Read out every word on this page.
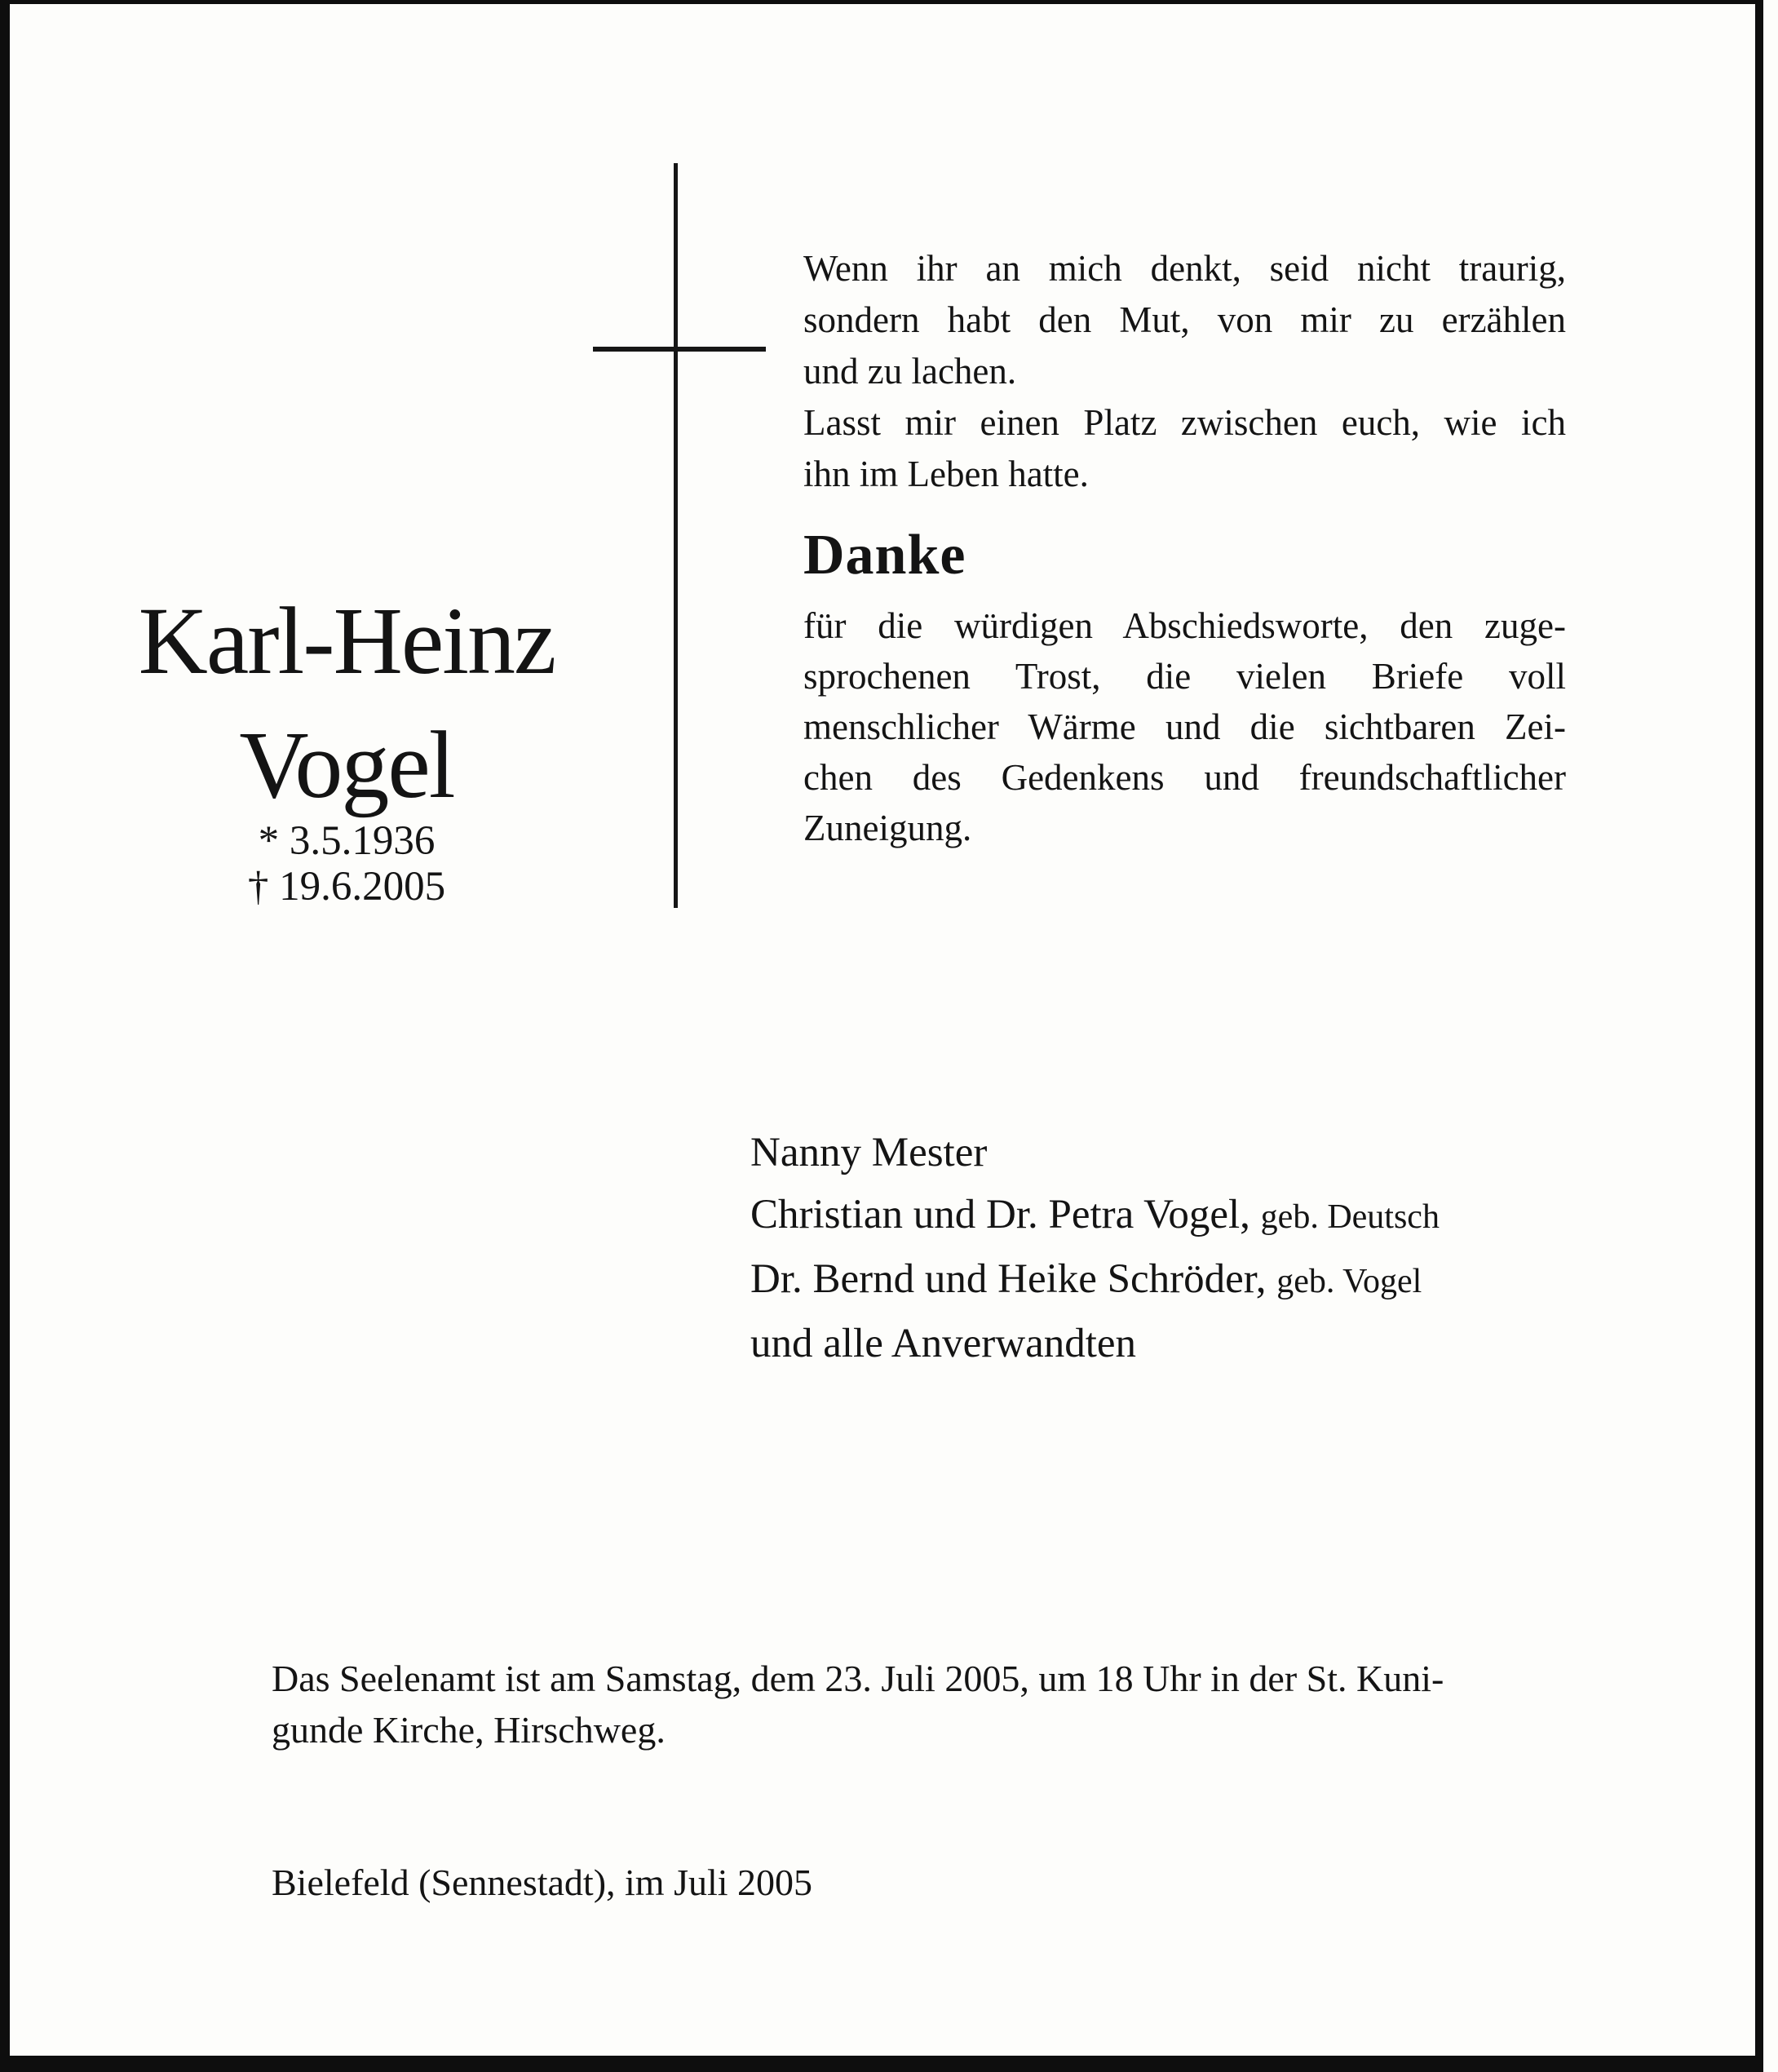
Wenn ihr an mich denkt, seid nicht traurig,
sondern habt den Mut, von mir zu erzählen
und zu lachen.
Lasst mir einen Platz zwischen euch, wie ich
ihn im Leben hatte.
Karl-Heinz
Vogel
* 3.5.1936
† 19.6.2005
Danke
für die würdigen Abschiedsworte, den zuge-
sprochenen Trost, die vielen Briefe voll
menschlicher Wärme und die sichtbaren Zei-
chen des Gedenkens und freundschaftlicher
Zuneigung.
Nanny Mester
Christian und Dr. Petra Vogel, geb. Deutsch
Dr. Bernd und Heike Schröder, geb. Vogel
und alle Anverwandten
Das Seelenamt ist am Samstag, dem 23. Juli 2005, um 18 Uhr in der St. Kuni-
gunde Kirche, Hirschweg.
Bielefeld (Sennestadt), im Juli 2005
